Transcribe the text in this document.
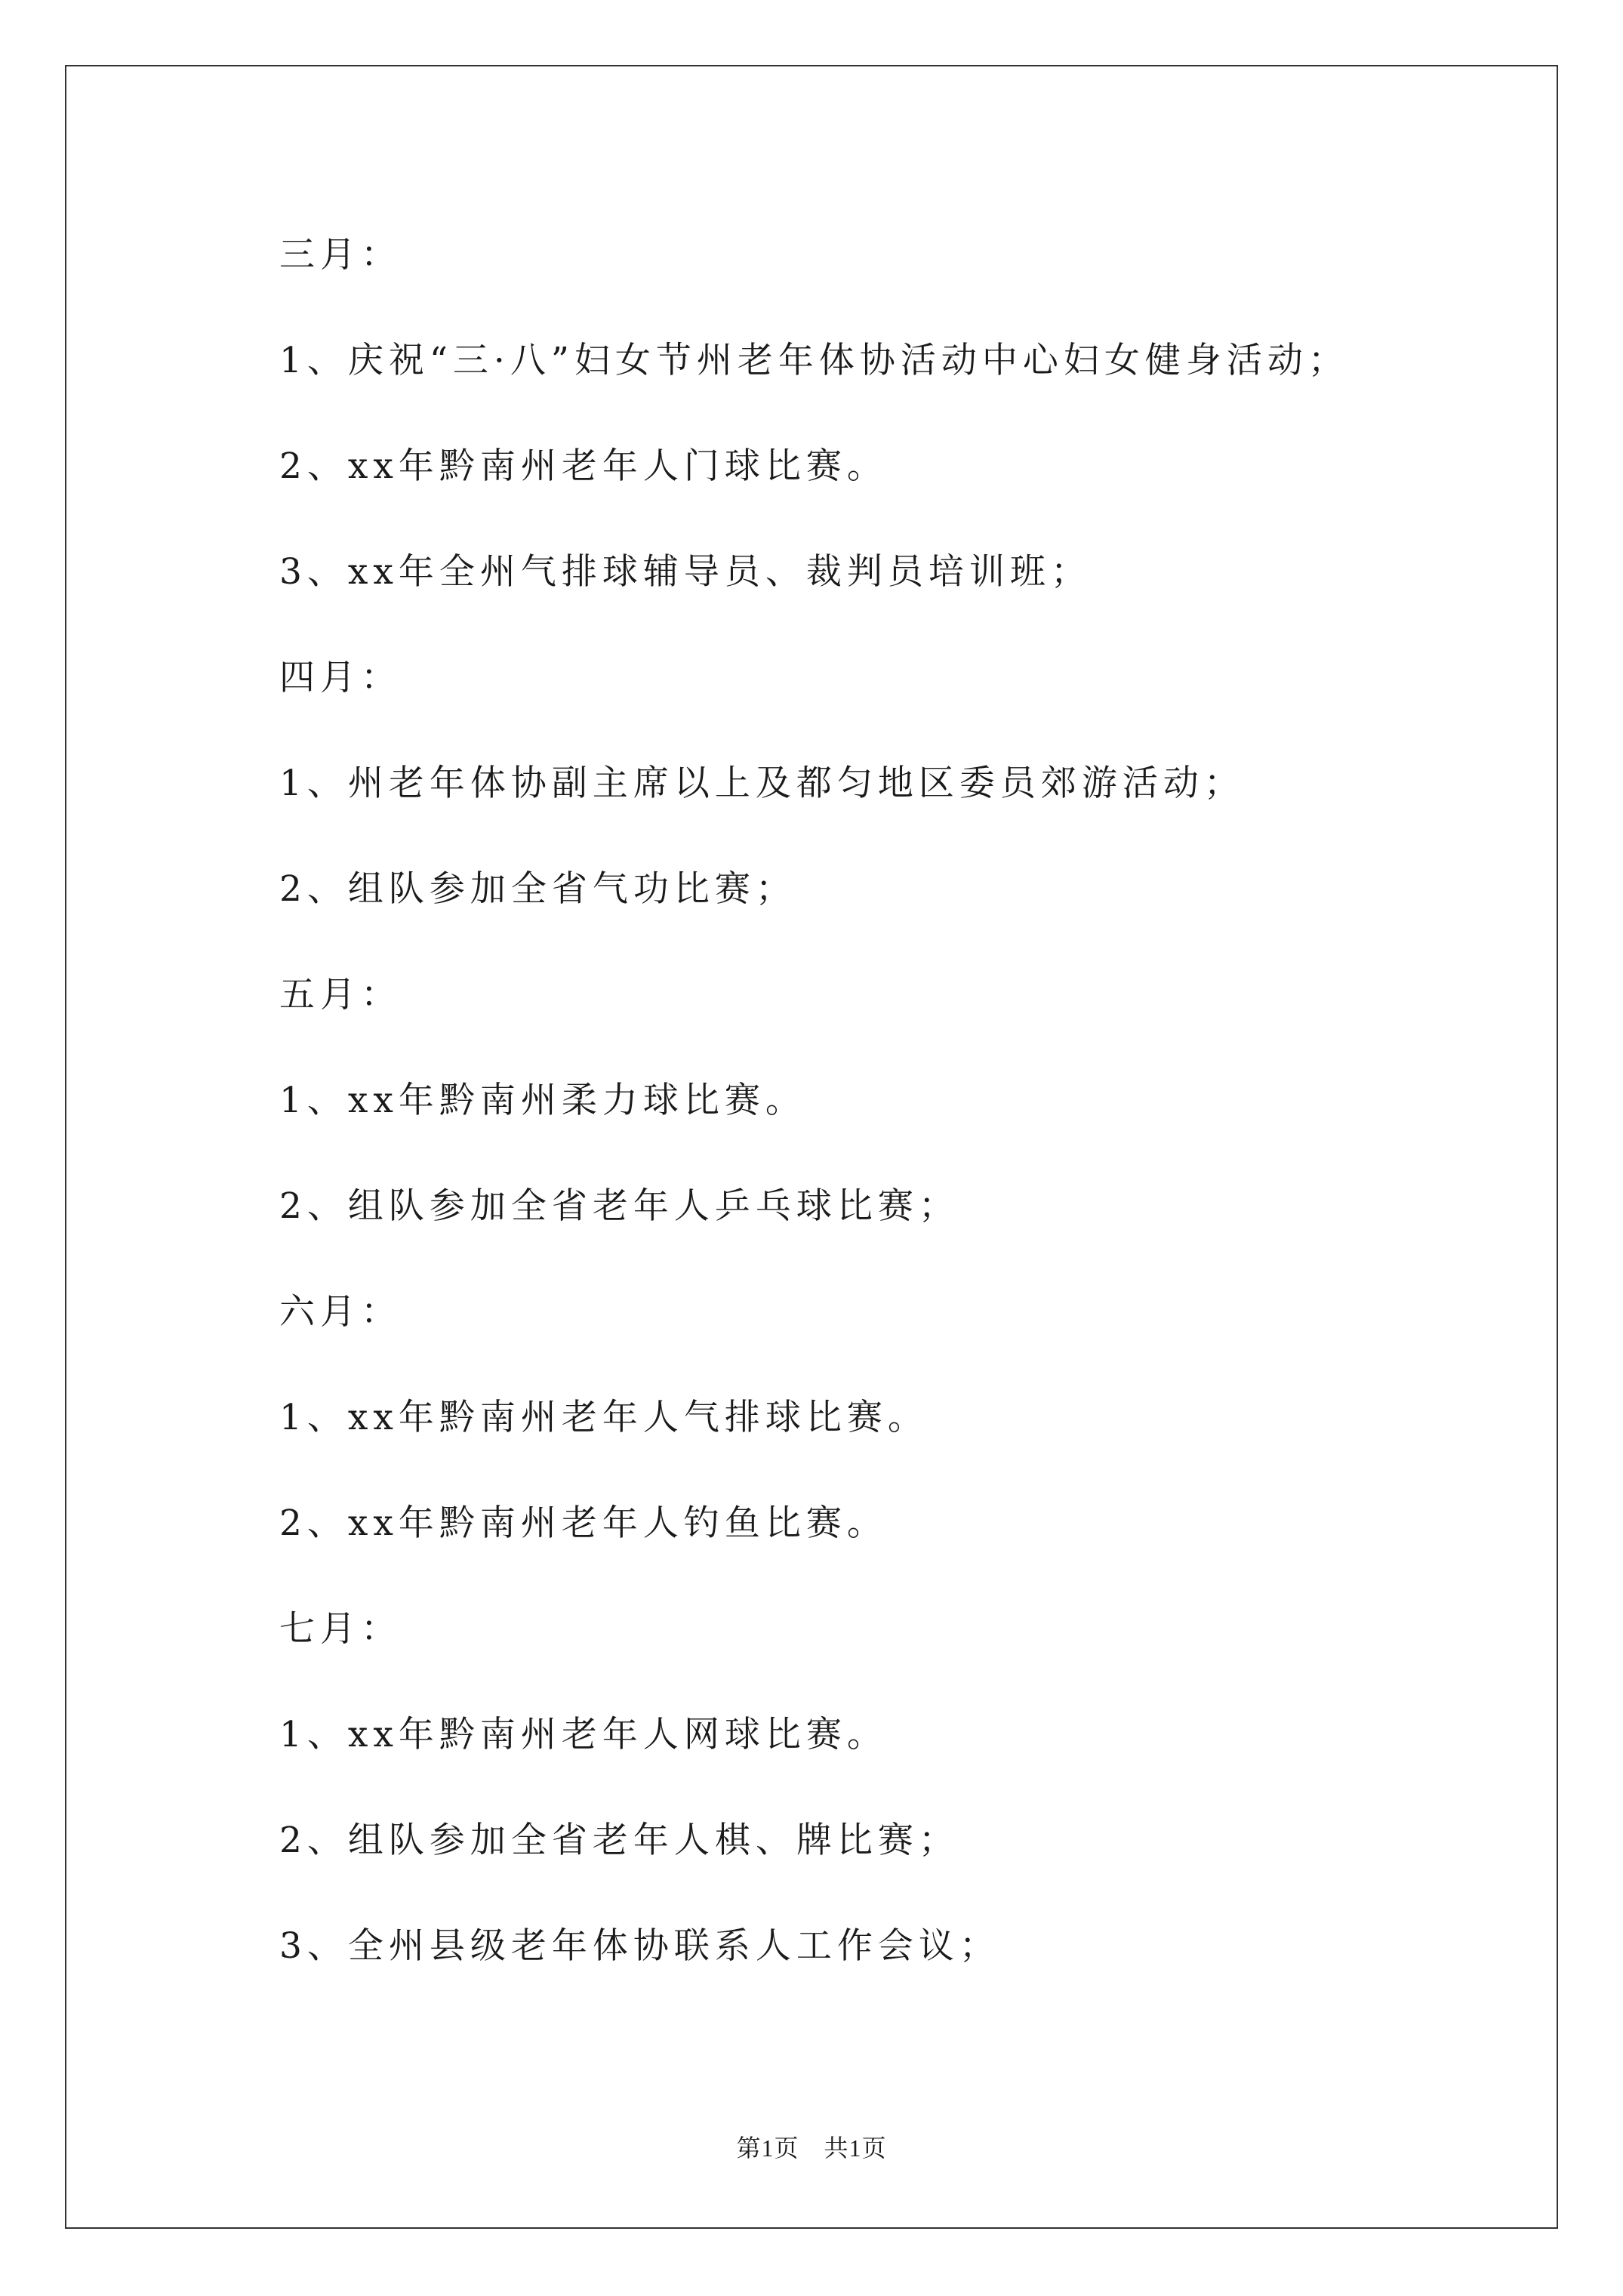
三月：
1、庆祝“三·八”妇女节州老年体协活动中心妇女健身活动；
2、xx年黔南州老年人门球比赛。
3、xx年全州气排球辅导员、裁判员培训班；
四月：
1、州老年体协副主席以上及都匀地区委员郊游活动；
2、组队参加全省气功比赛；
五月：
1、xx年黔南州柔力球比赛。
2、组队参加全省老年人乒乓球比赛；
六月：
1、xx年黔南州老年人气排球比赛。
2、xx年黔南州老年人钓鱼比赛。
七月：
1、xx年黔南州老年人网球比赛。
2、组队参加全省老年人棋、牌比赛；
3、全州县级老年体协联系人工作会议；
第1页　共1页
